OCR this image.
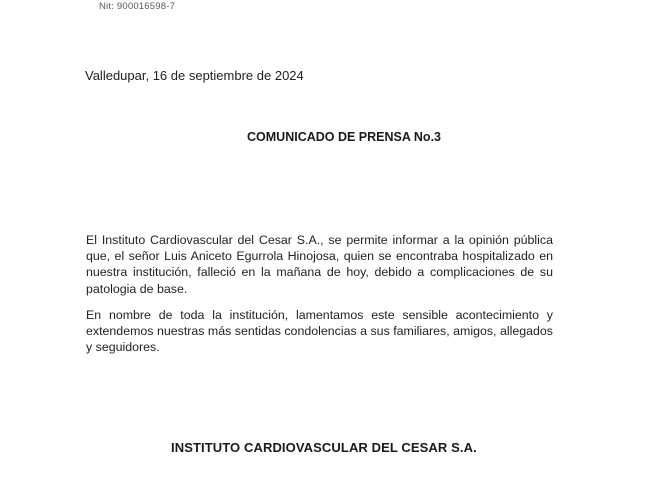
Nit: 900016598-7
Valledupar, 16 de septiembre de 2024
COMUNICADO DE PRENSA No.3
El Instituto Cardiovascular del Cesar S.A., se permite informar a la opinión pública que, el señor Luis Aniceto Egurrola Hinojosa, quien se encontraba hospitalizado en nuestra institución, falleció en la mañana de hoy, debido a complicaciones de su patologia de base.
En nombre de toda la institución, lamentamos este sensible acontecimiento y extendemos nuestras más sentidas condolencias a sus familiares, amigos, allegados y seguidores.
INSTITUTO CARDIOVASCULAR DEL CESAR S.A.
